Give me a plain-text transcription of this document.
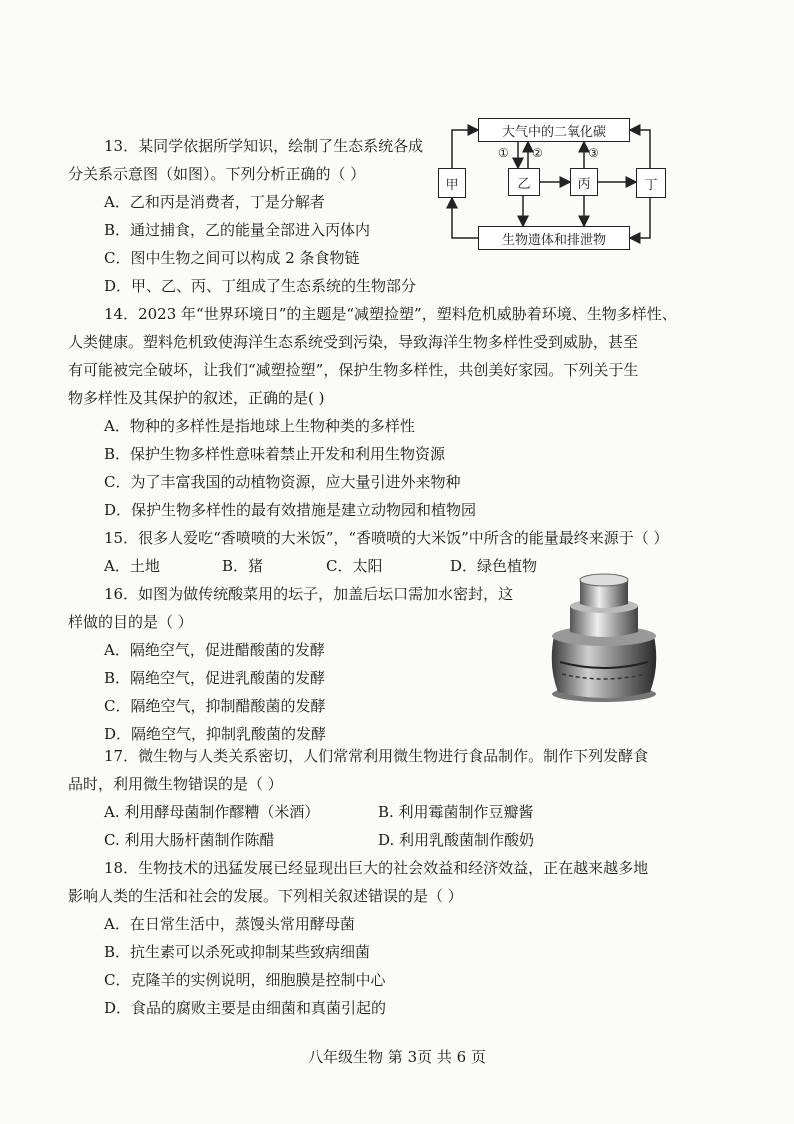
13．某同学依据所学知识，绘制了生态系统各成
分关系示意图（如图）。下列分析正确的（ ）
A．乙和丙是消费者，丁是分解者
B．通过捕食，乙的能量全部进入丙体内
C．图中生物之间可以构成 2 条食物链
D．甲、乙、丙、丁组成了生态系统的生物部分
大气中的二氧化碳
生物遗体和排泄物
甲	乙	丙	丁
① ②	③
14．2023 年“世界环境日”的主题是“减塑捡塑”，塑料危机威胁着环境、生物多样性、
人类健康。塑料危机致使海洋生态系统受到污染，导致海洋生物多样性受到威胁，甚至
有可能被完全破坏，让我们“减塑捡塑”，保护生物多样性，共创美好家园。下列关于生
物多样性及其保护的叙述，正确的是( )
A．物种的多样性是指地球上生物种类的多样性
B．保护生物多样性意味着禁止开发和利用生物资源
C．为了丰富我国的动植物资源，应大量引进外来物种
D．保护生物多样性的最有效措施是建立动物园和植物园
15．很多人爱吃“香喷喷的大米饭”，“香喷喷的大米饭”中所含的能量最终来源于（ ）
A．土地	B．猪	C．太阳	D．绿色植物
16．如图为做传统酸菜用的坛子，加盖后坛口需加水密封，这
样做的目的是（ ）
A．隔绝空气，促进醋酸菌的发酵
B．隔绝空气，促进乳酸菌的发酵
C．隔绝空气，抑制醋酸菌的发酵
D．隔绝空气，抑制乳酸菌的发酵
17．微生物与人类关系密切，人们常常利用微生物进行食品制作。制作下列发酵食
品时，利用微生物错误的是（ ）
A. 利用酵母菌制作醪糟（米酒）	B. 利用霉菌制作豆瓣酱
C. 利用大肠杆菌制作陈醋	D. 利用乳酸菌制作酸奶
18．生物技术的迅猛发展已经显现出巨大的社会效益和经济效益，正在越来越多地
影响人类的生活和社会的发展。下列相关叙述错误的是（ ）
A．在日常生活中，蒸馒头常用酵母菌
B．抗生素可以杀死或抑制某些致病细菌
C．克隆羊的实例说明，细胞膜是控制中心
D．食品的腐败主要是由细菌和真菌引起的
八年级生物 第 3页 共 6 页
